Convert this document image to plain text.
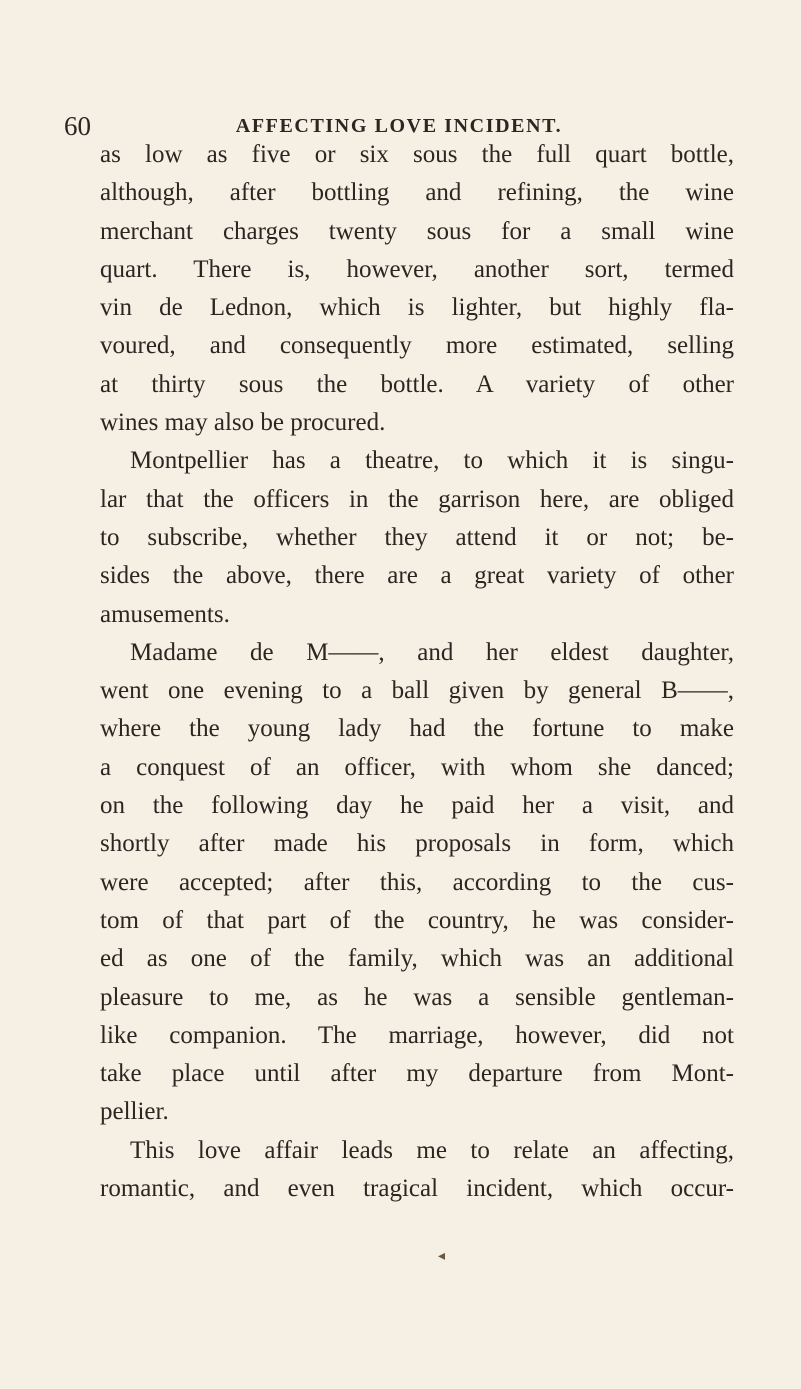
60	AFFECTING LOVE INCIDENT.
as low as five or six sous the full quart bottle,
although, after bottling and refining, the wine
merchant charges twenty sous for a small wine
quart. There is, however, another sort, termed
vin de Lednon, which is lighter, but highly fla-
voured, and consequently more estimated, selling
at thirty sous the bottle. A variety of other
wines may also be procured.
Montpellier has a theatre, to which it is singu-
lar that the officers in the garrison here, are obliged
to subscribe, whether they attend it or not; be-
sides the above, there are a great variety of other
amusements.
Madame de M——, and her eldest daughter,
went one evening to a ball given by general B——,
where the young lady had the fortune to make
a conquest of an officer, with whom she danced;
on the following day he paid her a visit, and
shortly after made his proposals in form, which
were accepted; after this, according to the cus-
tom of that part of the country, he was consider-
ed as one of the family, which was an additional
pleasure to me, as he was a sensible gentleman-
like companion. The marriage, however, did not
take place until after my departure from Mont-
pellier.
This love affair leads me to relate an affecting,
romantic, and even tragical incident, which occur-
◂
